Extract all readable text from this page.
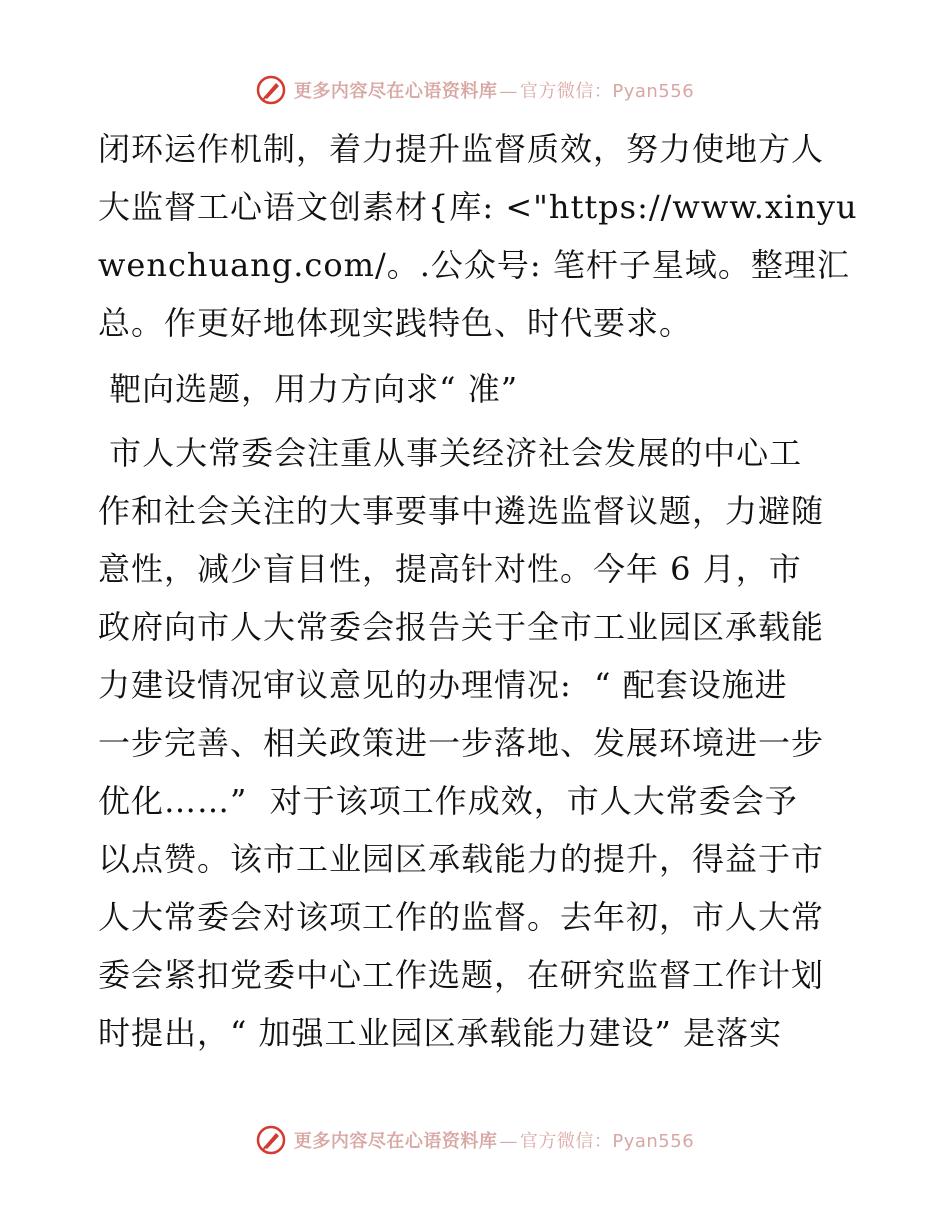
更多内容尽在心语资料库 — 官方微信：Pyan556
闭环运作机制，着力提升监督质效，努力使地方人
大监督工心语文创素材{库: <"https://www.xinyu
wenchuang.com/。.公众号: 笔杆子星域。整理汇
总。作更好地体现实践特色、时代要求。
靶向选题，用力方向求“ 准”
市人大常委会注重从事关经济社会发展的中心工
作和社会关注的大事要事中遴选监督议题，力避随
意性，减少盲目性，提高针对性。今年 6 月，市
政府向市人大常委会报告关于全市工业园区承载能
力建设情况审议意见的办理情况:  “ 配套设施进
一步完善、相关政策进一步落地、发展环境进一步
优化……”  对于该项工作成效，市人大常委会予
以点赞。该市工业园区承载能力的提升，得益于市
人大常委会对该项工作的监督。去年初，市人大常
委会紧扣党委中心工作选题，在研究监督工作计划
时提出，“ 加强工业园区承载能力建设” 是落实
更多内容尽在心语资料库 — 官方微信：Pyan556
